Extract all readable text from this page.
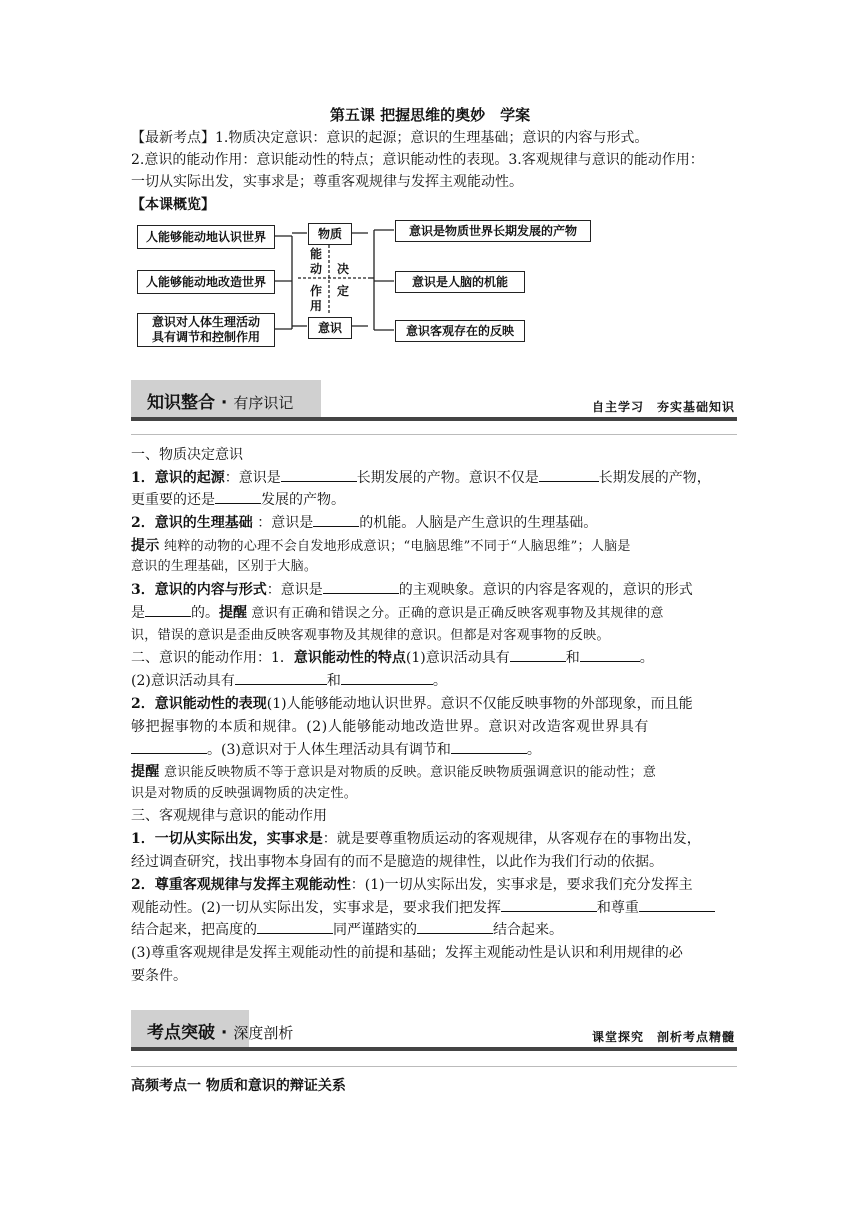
第五课 把握思维的奥妙　学案
【最新考点】1.物质决定意识：意识的起源；意识的生理基础；意识的内容与形式。
2.意识的能动作用：意识能动性的特点；意识能动性的表现。3.客观规律与意识的能动作用：
一切从实际出发，实事求是；尊重客观规律与发挥主观能动性。
【本课概览】
人能够能动地认识世界
人能够能动地改造世界
意识对人体生理活动
具有调节和控制作用
物质
意识
能
动
作
用
决
定
意识是物质世界长期发展的产物
意识是人脑的机能
意识客观存在的反映
知识整合 · 有序识记	自主学习　夯实基础知识
一、物质决定意识
1．意识的起源：意识是	长期发展的产物。意识不仅是	长期发展的产物，
更重要的还是	发展的产物。
2．意识的生理基础 ：意识是	的机能。人脑是产生意识的生理基础。
提示 纯粹的动物的心理不会自发地形成意识；“电脑思维”不同于“人脑思维”；人脑是
意识的生理基础，区别于大脑。
3．意识的内容与形式：意识是	的主观映象。意识的内容是客观的，意识的形式
是	的。提醒 意识有正确和错误之分。正确的意识是正确反映客观事物及其规律的意
识，错误的意识是歪曲反映客观事物及其规律的意识。但都是对客观事物的反映。
二、意识的能动作用：1．意识能动性的特点(1)意识活动具有	和	。
(2)意识活动具有	和	。
2．意识能动性的表现(1)人能够能动地认识世界。意识不仅能反映事物的外部现象，而且能
够把握事物的本质和规律。(2)人能够能动地改造世界。意识对改造客观世界具有
。(3)意识对于人体生理活动具有调节和	。
提醒 意识能反映物质不等于意识是对物质的反映。意识能反映物质强调意识的能动性；意
识是对物质的反映强调物质的决定性。
三、客观规律与意识的能动作用
1．一切从实际出发，实事求是：就是要尊重物质运动的客观规律，从客观存在的事物出发，
经过调查研究，找出事物本身固有的而不是臆造的规律性，以此作为我们行动的依据。
2．尊重客观规律与发挥主观能动性：(1)一切从实际出发，实事求是，要求我们充分发挥主
观能动性。(2)一切从实际出发，实事求是，要求我们把发挥	和尊重
结合起来，把高度的	同严谨踏实的	结合起来。
(3)尊重客观规律是发挥主观能动性的前提和基础；发挥主观能动性是认识和利用规律的必
要条件。
考点突破 · 深度剖析	课堂探究　剖析考点精髓
高频考点一 物质和意识的辩证关系
